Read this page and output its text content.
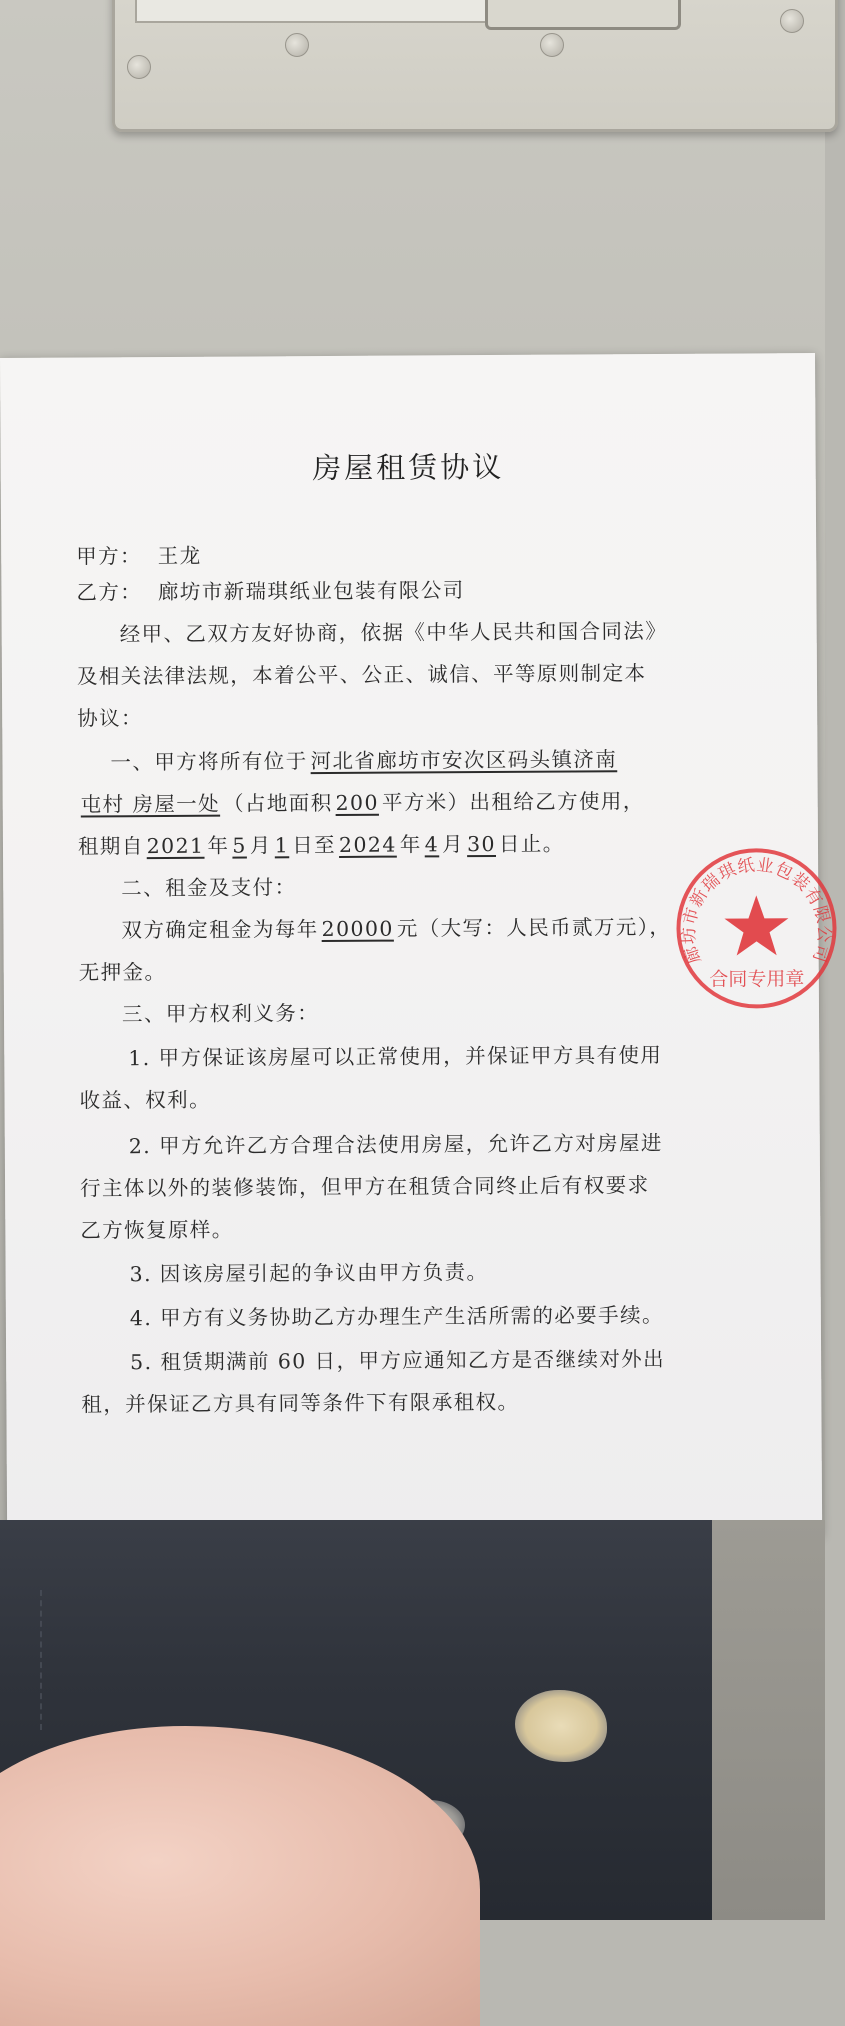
房屋租赁协议
甲方： 王龙
乙方： 廊坊市新瑞琪纸业包装有限公司
经甲、乙双方友好协商，依据《中华人民共和国合同法》
及相关法律法规，本着公平、公正、诚信、平等原则制定本
协议：
一、甲方将所有位于 河北省廊坊市安次区码头镇济南
屯村 房屋一处 （占地面积 200 平方米）出租给乙方使用，
租期自 2021 年 5 月 1 日至 2024 年 4 月 30 日止。
二、租金及支付：
双方确定租金为每年 20000 元（大写：人民币贰万元），
无押金。
三、甲方权利义务：
1. 甲方保证该房屋可以正常使用，并保证甲方具有使用
收益、权利。
2. 甲方允许乙方合理合法使用房屋，允许乙方对房屋进
行主体以外的装修装饰，但甲方在租赁合同终止后有权要求
乙方恢复原样。
3. 因该房屋引起的争议由甲方负责。
4. 甲方有义务协助乙方办理生产生活所需的必要手续。
5. 租赁期满前 60 日，甲方应通知乙方是否继续对外出
租，并保证乙方具有同等条件下有限承租权。
廊坊市新瑞琪纸业包装有限公司
合同专用章
